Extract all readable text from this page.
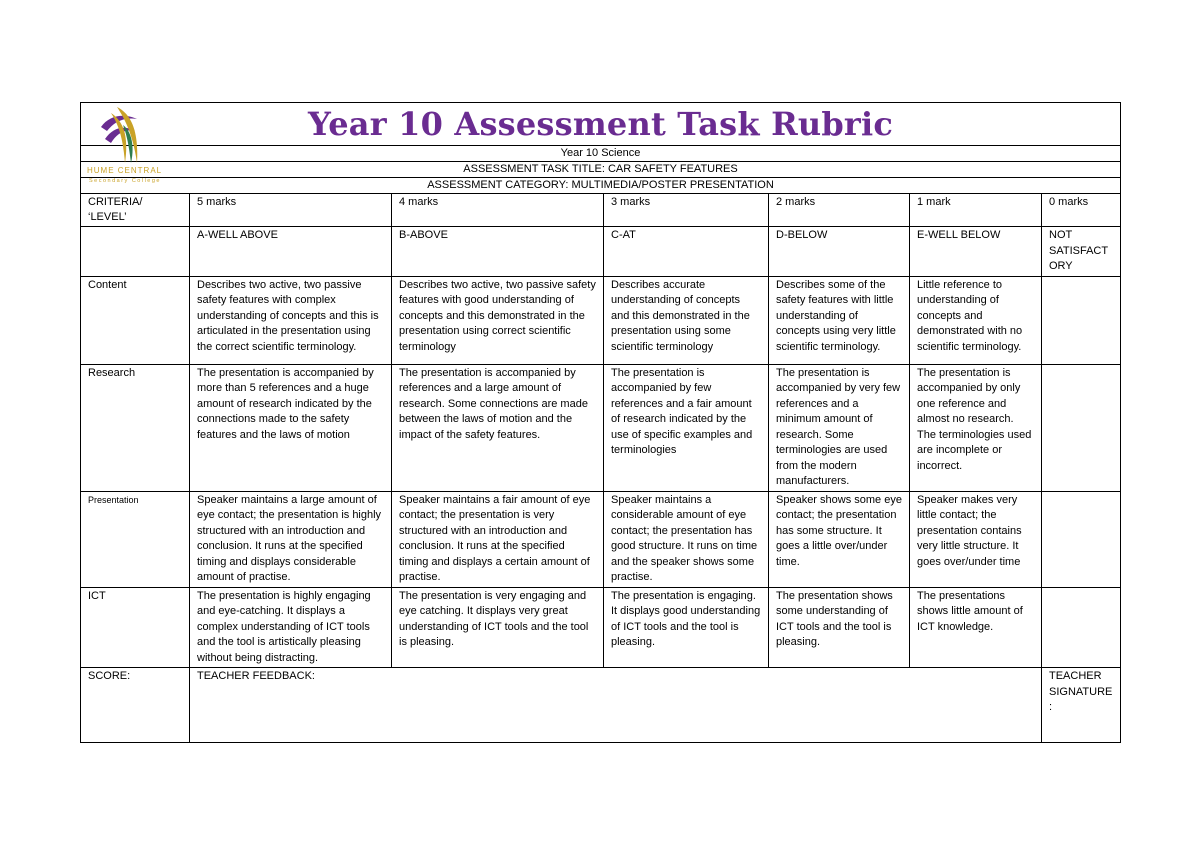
HUME CENTRAL
Secondary College
Year 10 Assessment Task Rubric						
Year 10 Science						
ASSESSMENT TASK TITLE: CAR SAFETY FEATURES						
ASSESSMENT CATEGORY: MULTIMEDIA/POSTER PRESENTATION						
CRITERIA/ ‘LEVEL’	5 marks	4 marks	3 marks	2 marks	1 mark	0 marks
	A-WELL ABOVE	B-ABOVE	C-AT	D-BELOW	E-WELL BELOW	NOT SATISFACTORY
Content	Describes two active, two passive safety features with complex understanding of concepts and this is articulated in the presentation using the correct scientific terminology.	Describes two active, two passive safety features with good understanding of concepts and this demonstrated in the presentation using correct scientific terminology	Describes accurate understanding of concepts and this demonstrated in the presentation using some scientific terminology	Describes some of the safety features with little understanding of concepts using very little scientific terminology.	Little reference to understanding of concepts and demonstrated with no scientific terminology.	
Research	The presentation is accompanied by more than 5 references and a huge amount of research indicated by the connections made to the safety features and the laws of motion	The presentation is accompanied by references and a large amount of research. Some connections are made between the laws of motion and the impact of the safety features.	The presentation is accompanied by few references and a fair amount of research indicated by the use of specific examples and terminologies	The presentation is accompanied by very few references and a minimum amount of research. Some terminologies are used from the modern manufacturers.	The presentation is accompanied by only one reference and almost no research. The terminologies used are incomplete or incorrect.	
Presentation	Speaker maintains a large amount of eye contact; the presentation is highly structured with an introduction and conclusion. It runs at the specified timing and displays considerable amount of practise.	Speaker maintains a fair amount of eye contact; the presentation is very structured with an introduction and conclusion. It runs at the specified timing and displays a certain amount of practise.	Speaker maintains a considerable amount of eye contact; the presentation has good structure. It runs on time and the speaker shows some practise.	Speaker shows some eye contact; the presentation has some structure. It goes a little over/under time.	Speaker makes very little contact; the presentation contains very little structure. It goes over/under time	
ICT	The presentation is highly engaging and eye-catching. It displays a complex understanding of ICT tools and the tool is artistically pleasing without being distracting.	The presentation is very engaging and eye catching. It displays very great understanding of ICT tools and the tool is pleasing.	The presentation is engaging. It displays good understanding of ICT tools and the tool is pleasing.	The presentation shows some understanding of ICT tools and the tool is pleasing.	The presentations shows little amount of ICT knowledge.	
SCORE:	TEACHER FEEDBACK:					TEACHER SIGNATURE:
